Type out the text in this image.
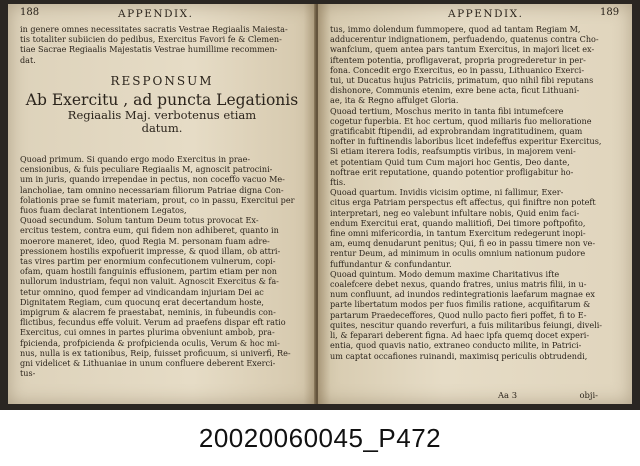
188	APPENDIX.
in genere omnes necessitates sacratis Vestrae Regiaalis Maiesta-
tis totaliter subiicien do pedibus, Exercitus Favori fe & Clemen-
tiae Sacrae Regiaalis Majestatis Vestrae humillime recommen-
dat.
RESPONSUM
Ab Exercitu , ad puncta Legationis
Regiaalis Maj. verbotenus etiam
datum.
Quoad primum. Si quando ergo modo Exercitus in prae-
censionibus, & fuis peculiare Regiaalis M, agnoscit patrocini-
um in juris, quando irrependae in pectus, non coceffo vacuo Me-
lancholiae, tam omnino necessariam filiorum Patriae digna Con-
folationis prae se fumit materiam, prout, co in passu, Exercitui per
fuos fuam declarat intentionem Legatos,
Quoad secundum. Solum tantum Deum totus provocat Ex-
ercitus testem, contra eum, qui fidem non adhiberet, quanto in
moerore maneret, ideo, quod Regia M. personam fuam adre-
pressionem hostilis expofuerit impresse, & quod illam, ob attri-
tas vires partim per enormium confecutionem vulnerum, copi-
ofam, quam hostili fanguinis effusionem, partim etiam per non
nullorum industriam, fequi non valuit. Agnoscit Exercitus & fa-
tetur omnino, quod femper ad vindicandam injuriam Dei ac
Dignitatem Regiam, cum quocunq erat decertandum hoste,
impigrum & alacrem fe praestabat, neminis, in fubeundis con-
flictibus, fecundus effe voluit. Verum ad praefens dispar eft ratio
Exercitus, cui omnes in partes plurima obveniunt ambob, pra-
fpicienda, profpicienda & profpicienda oculis, Verum & hoc mi-
nus, nulla is ex tationibus, Reip, fuisset proficuum, si univerfi, Re-
gni videlicet & Lithuaniae in unum confluere deberent Exerci-
tus-
APPENDIX.	189
tus, immo dolendum fummopere, quod ad tantam Regiam M,
adducerentur indignationem, perfuadendo, quatenus contra Cho-
wanfcium, quem antea pars tantum Exercitus, in majori licet ex-
iftentem potentia, profligaverat, propria progrederetur in per-
fona. Concedit ergo Exercitus, eo in passu, Lithuanico Exerci-
tui, ut Ducatus hujus Patriciis, primatum, quo nihil fibi reputans
dishonore, Communis etenim, exre bene acta, ficut Lithuani-
ae, ita & Regno affulget Gloria.
Quoad tertium, Moschus merito in tanta fibi intumefcere
cogetur fuperbia. Et hoc certum, quod miliaris fuo melioratione
gratificabit ftipendii, ad exprobrandam ingratitudinem, quam
nofter in fuftinendis laboribus licet indefeffus experitur Exercitus,
Si etiam iterera Iodis, reafsumptis viribus, in majorem veni-
et potentiam Quid tum Cum majori hoc Gentis, Deo dante,
noftrae erit reputatione, quando potentior profligabitur ho-
ftis.
Quoad quartum. Invidis vicisim optime, ni fallimur, Exer-
citus erga Patriam perspectus eft affectus, qui finiftre non poteft
interpretari, neg eo valebunt infultare nobis, Quid enim faci-
endum Exercitui erat, quando maliitiofi, Dei timore poftpofito,
fine omni mifericordia, in tantum Exercitum redegerunt inopi-
am, eumq denudarunt penitus; Qui, fi eo in passu timere non ve-
rentur Deum, ad minimum in oculis omnium nationum pudore
fuffundantur & confundantur.
Quoad quintum. Modo demum maxime Charitativus ifte
coalefcere debet nexus, quando fratres, unius matris filii, in u-
num confluunt, ad inundos redintegrationis laefarum magnae ex
parte libertatum modos per fuos fimilis ratione, acquifitarum &
partarum Praedeceffores, Quod nullo pacto fieri poffet, fi to E-
quites, nescitur quando reverfuri, a fuis militaribus feiungi, diveli-
li, & feparari deberent figna. Ad haec ipfa quemq docet experi-
entia, quod quavis natio, extraneo conducto milite, in Patrici-
um captat occafiones ruinandi, maximisq periculis obtrudendi,
Aa 3	obji-
20020060045_P472
